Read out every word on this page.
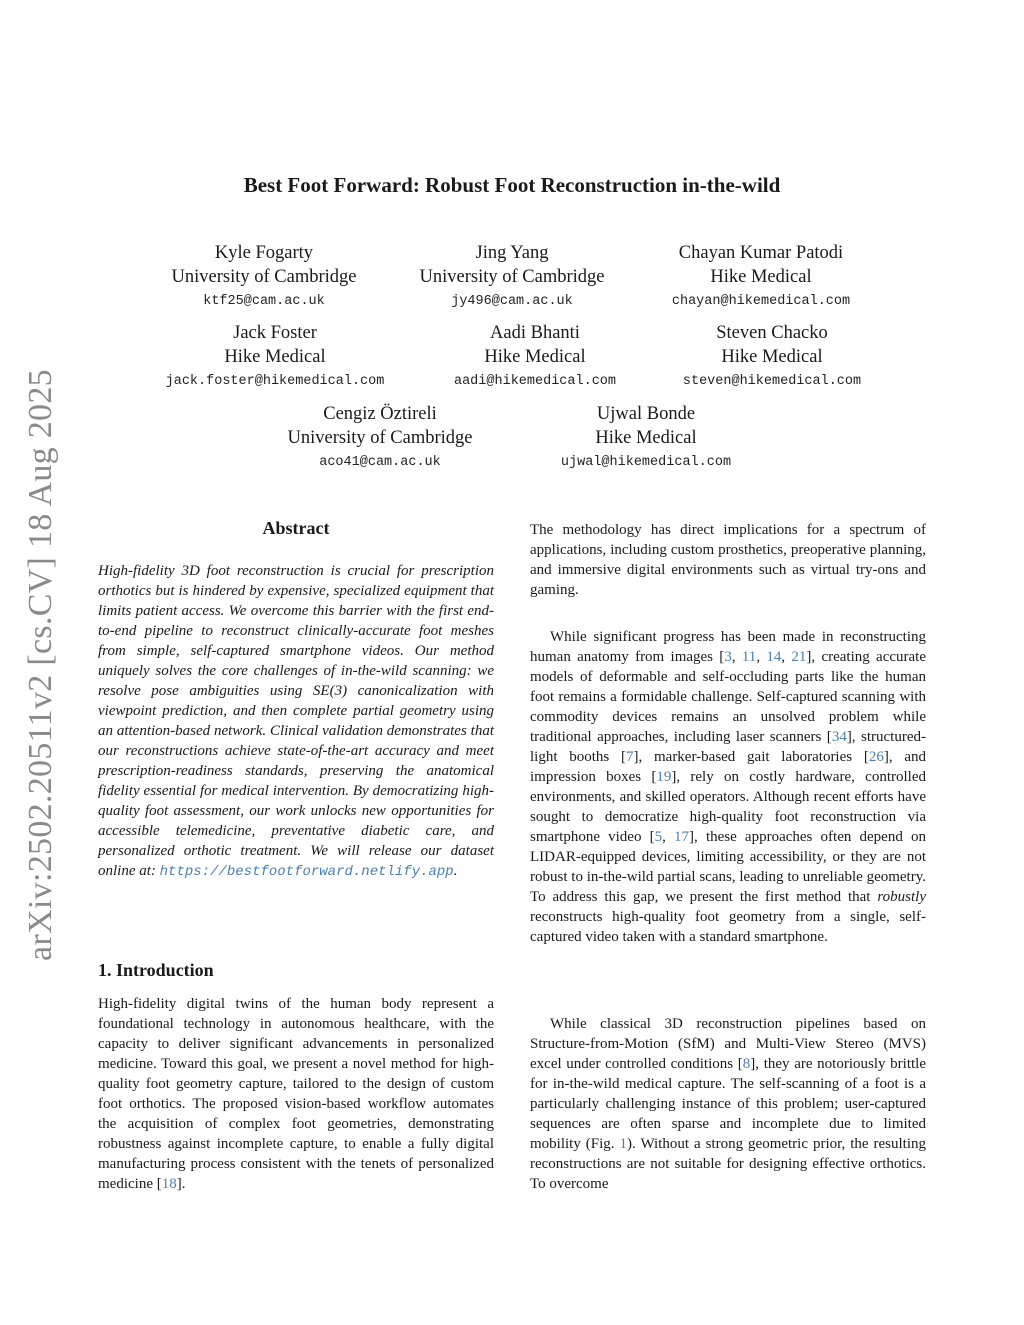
arXiv:2502.20511v2 [cs.CV] 18 Aug 2025
Best Foot Forward: Robust Foot Reconstruction in-the-wild
Kyle Fogarty
University of Cambridge
ktf25@cam.ac.uk
Jing Yang
University of Cambridge
jy496@cam.ac.uk
Chayan Kumar Patodi
Hike Medical
chayan@hikemedical.com
Jack Foster
Hike Medical
jack.foster@hikemedical.com
Aadi Bhanti
Hike Medical
aadi@hikemedical.com
Steven Chacko
Hike Medical
steven@hikemedical.com
Cengiz Öztireli
University of Cambridge
aco41@cam.ac.uk
Ujwal Bonde
Hike Medical
ujwal@hikemedical.com
Abstract
High-fidelity 3D foot reconstruction is crucial for prescription orthotics but is hindered by expensive, specialized equipment that limits patient access. We overcome this barrier with the first end-to-end pipeline to reconstruct clinically-accurate foot meshes from simple, self-captured smartphone videos. Our method uniquely solves the core challenges of in-the-wild scanning: we resolve pose ambiguities using SE(3) canonicalization with viewpoint prediction, and then complete partial geometry using an attention-based network. Clinical validation demonstrates that our reconstructions achieve state-of-the-art accuracy and meet prescription-readiness standards, preserving the anatomical fidelity essential for medical intervention. By democratizing high-quality foot assessment, our work unlocks new opportunities for accessible telemedicine, preventative diabetic care, and personalized orthotic treatment. We will release our dataset online at: https://bestfootforward.netlify.app.
1. Introduction
High-fidelity digital twins of the human body represent a foundational technology in autonomous healthcare, with the capacity to deliver significant advancements in personalized medicine. Toward this goal, we present a novel method for high-quality foot geometry capture, tailored to the design of custom foot orthotics. The proposed vision-based workflow automates the acquisition of complex foot geometries, demonstrating robustness against incomplete capture, to enable a fully digital manufacturing process consistent with the tenets of personalized medicine [18].
The methodology has direct implications for a spectrum of applications, including custom prosthetics, preoperative planning, and immersive digital environments such as virtual try-ons and gaming.
While significant progress has been made in reconstructing human anatomy from images [3, 11, 14, 21], creating accurate models of deformable and self-occluding parts like the human foot remains a formidable challenge. Self-captured scanning with commodity devices remains an unsolved problem while traditional approaches, including laser scanners [34], structured-light booths [7], marker-based gait laboratories [26], and impression boxes [19], rely on costly hardware, controlled environments, and skilled operators. Although recent efforts have sought to democratize high-quality foot reconstruction via smartphone video [5, 17], these approaches often depend on LIDAR-equipped devices, limiting accessibility, or they are not robust to in-the-wild partial scans, leading to unreliable geometry. To address this gap, we present the first method that robustly reconstructs high-quality foot geometry from a single, self-captured video taken with a standard smartphone.
While classical 3D reconstruction pipelines based on Structure-from-Motion (SfM) and Multi-View Stereo (MVS) excel under controlled conditions [8], they are notoriously brittle for in-the-wild medical capture. The self-scanning of a foot is a particularly challenging instance of this problem; user-captured sequences are often sparse and incomplete due to limited mobility (Fig. 1). Without a strong geometric prior, the resulting reconstructions are not suitable for designing effective orthotics. To overcome
